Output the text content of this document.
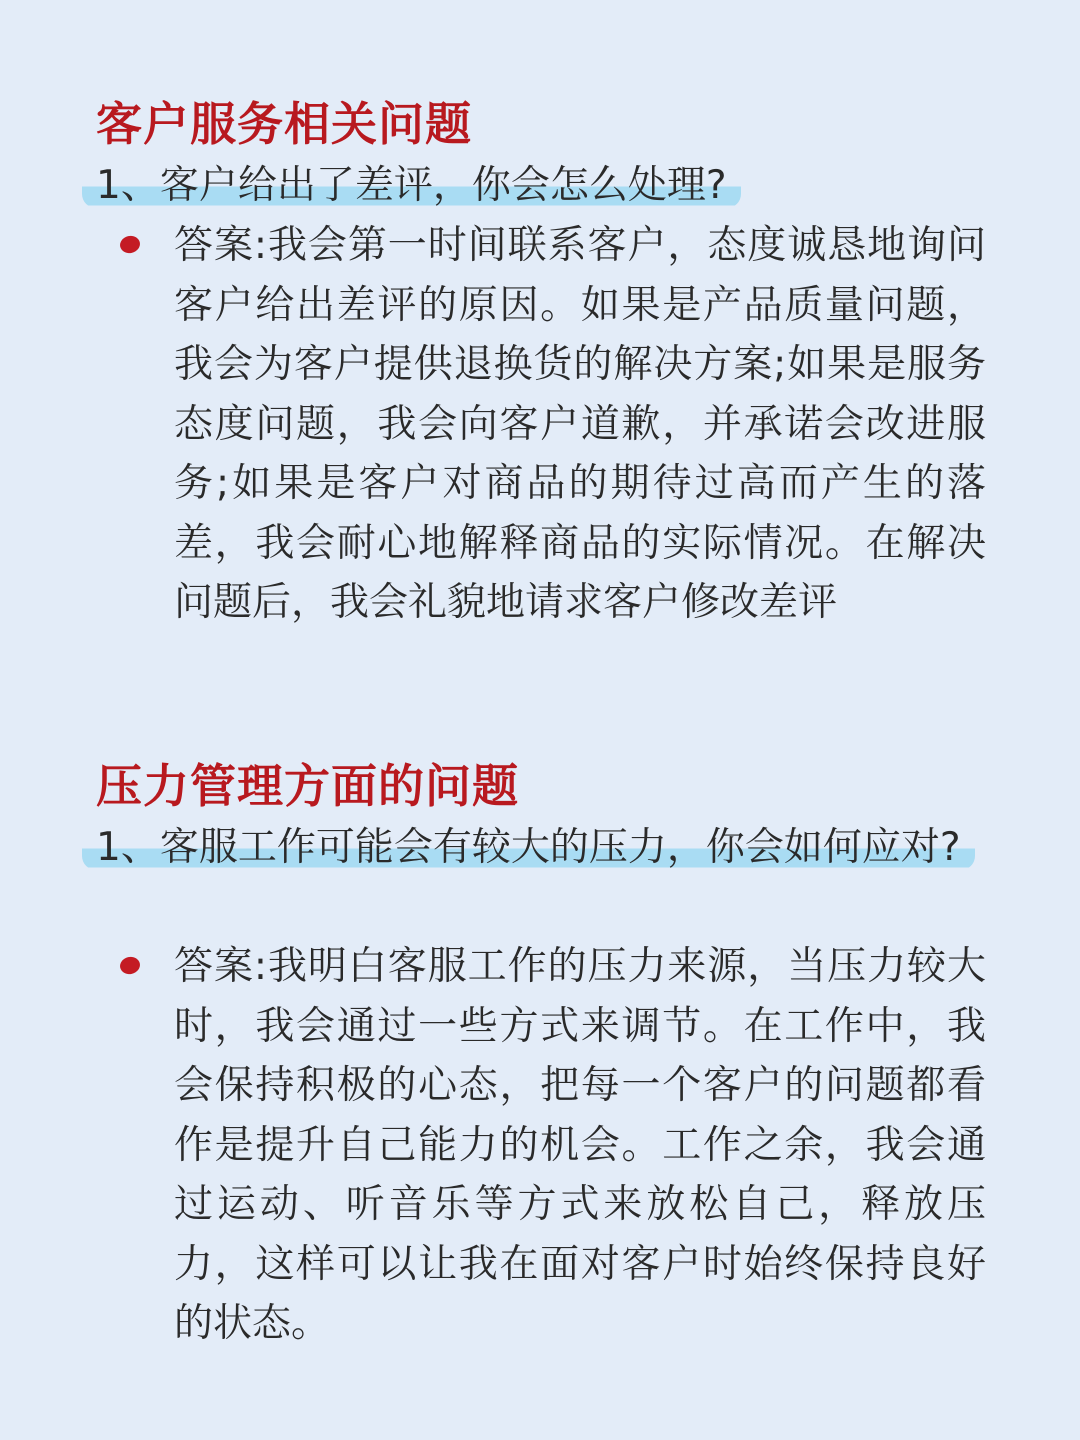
客户服务相关问题
1、客户给出了差评，你会怎么处理?
答案:我会第一时间联系客户，态度诚恳地询问客户给出差评的原因。如果是产品质量问题，我会为客户提供退换货的解决方案;如果是服务态度问题，我会向客户道歉，并承诺会改进服务;如果是客户对商品的期待过高而产生的落差，我会耐心地解释商品的实际情况。在解决问题后，我会礼貌地请求客户修改差评
压力管理方面的问题
1、客服工作可能会有较大的压力，你会如何应对?
答案:我明白客服工作的压力来源，当压力较大时，我会通过一些方式来调节。在工作中，我会保持积极的心态，把每一个客户的问题都看作是提升自己能力的机会。工作之余，我会通过运动、听音乐等方式来放松自己，释放压力，这样可以让我在面对客户时始终保持良好的状态。
